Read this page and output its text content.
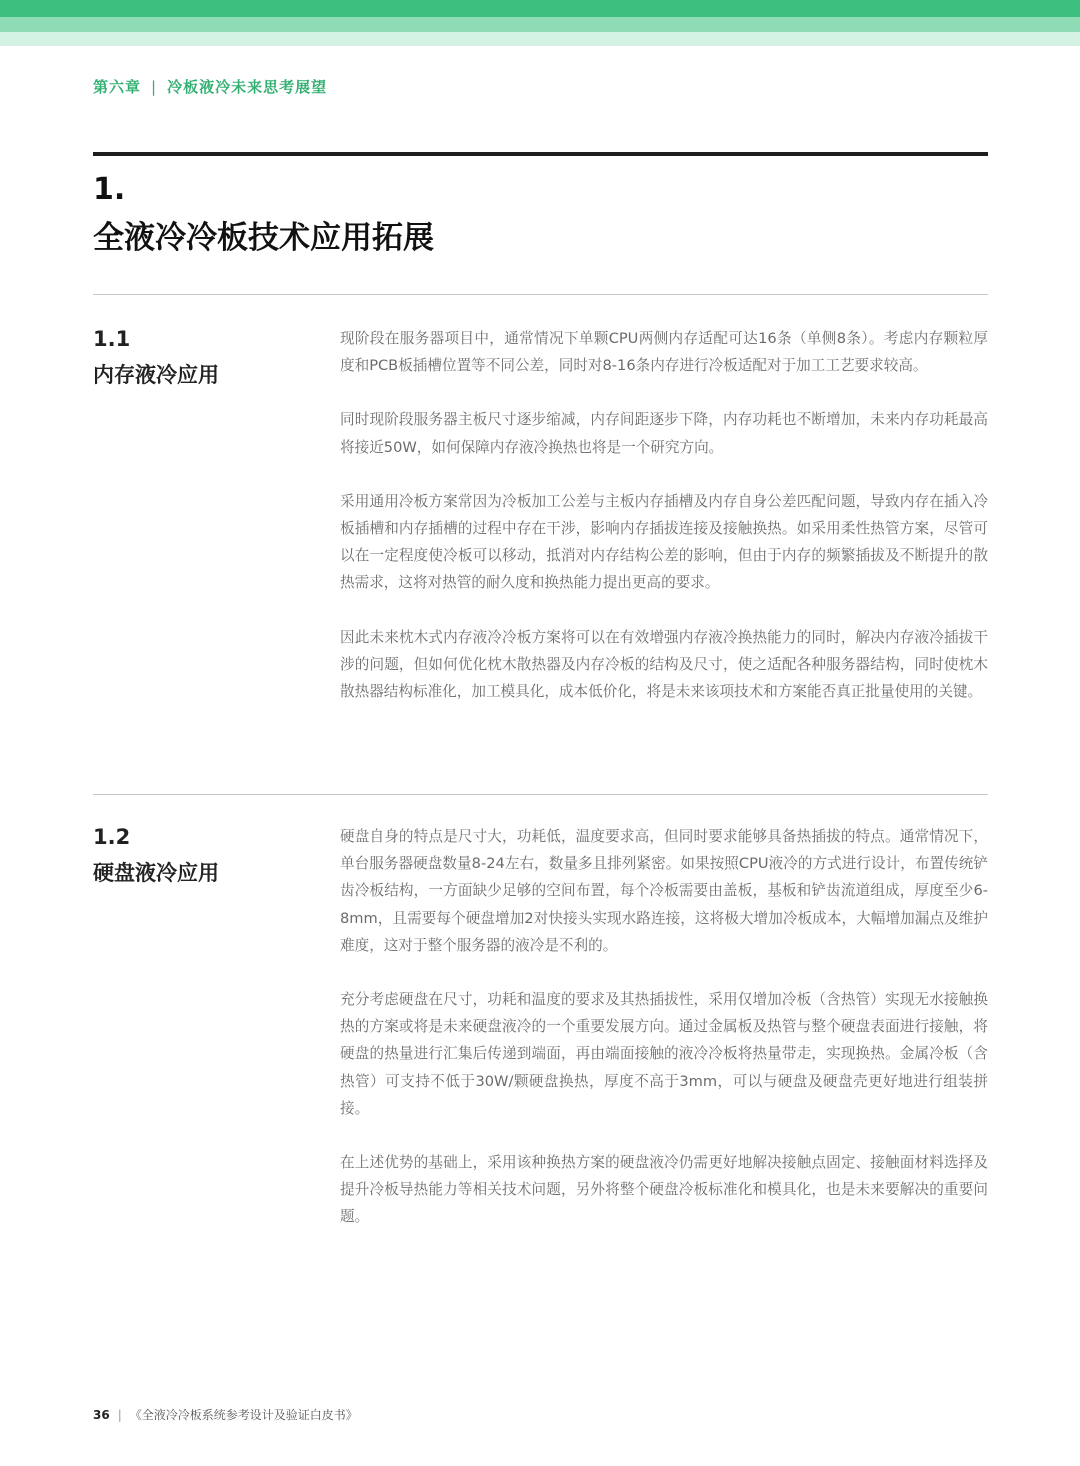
第六章 | 冷板液冷未来思考展望
1.
全液冷冷板技术应用拓展
1.1
内存液冷应用

现阶段在服务器项目中，通常情况下单颗CPU两侧内存适配可达16条（单侧8条）。考虑内存颗粒厚度和PCB板插槽位置等不同公差，同时对8-16条内存进行冷板适配对于加工工艺要求较高。

同时现阶段服务器主板尺寸逐步缩减，内存间距逐步下降，内存功耗也不断增加，未来内存功耗最高将接近50W，如何保障内存液冷换热也将是一个研究方向。

采用通用冷板方案常因为冷板加工公差与主板内存插槽及内存自身公差匹配问题，导致内存在插入冷板插槽和内存插槽的过程中存在干涉，影响内存插拔连接及接触换热。如采用柔性热管方案，尽管可以在一定程度使冷板可以移动，抵消对内存结构公差的影响，但由于内存的频繁插拔及不断提升的散热需求，这将对热管的耐久度和换热能力提出更高的要求。

因此未来枕木式内存液冷冷板方案将可以在有效增强内存液冷换热能力的同时，解决内存液冷插拔干涉的问题，但如何优化枕木散热器及内存冷板的结构及尺寸，使之适配各种服务器结构，同时使枕木散热器结构标准化，加工模具化，成本低价化，将是未来该项技术和方案能否真正批量使用的关键。

1.2
硬盘液冷应用

硬盘自身的特点是尺寸大，功耗低，温度要求高，但同时要求能够具备热插拔的特点。通常情况下，单台服务器硬盘数量8-24左右，数量多且排列紧密。如果按照CPU液冷的方式进行设计，布置传统铲齿冷板结构，一方面缺少足够的空间布置，每个冷板需要由盖板，基板和铲齿流道组成，厚度至少6-8mm，且需要每个硬盘增加2对快接头实现水路连接，这将极大增加冷板成本，大幅增加漏点及维护难度，这对于整个服务器的液冷是不利的。

充分考虑硬盘在尺寸，功耗和温度的要求及其热插拔性，采用仅增加冷板（含热管）实现无水接触换热的方案或将是未来硬盘液冷的一个重要发展方向。通过金属板及热管与整个硬盘表面进行接触，将硬盘的热量进行汇集后传递到端面，再由端面接触的液冷冷板将热量带走，实现换热。金属冷板（含热管）可支持不低于30W/颗硬盘换热，厚度不高于3mm，可以与硬盘及硬盘壳更好地进行组装拼接。

在上述优势的基础上，采用该种换热方案的硬盘液冷仍需更好地解决接触点固定、接触面材料选择及提升冷板导热能力等相关技术问题，另外将整个硬盘冷板标准化和模具化，也是未来要解决的重要问题。

36 | 《全液冷冷板系统参考设计及验证白皮书》
